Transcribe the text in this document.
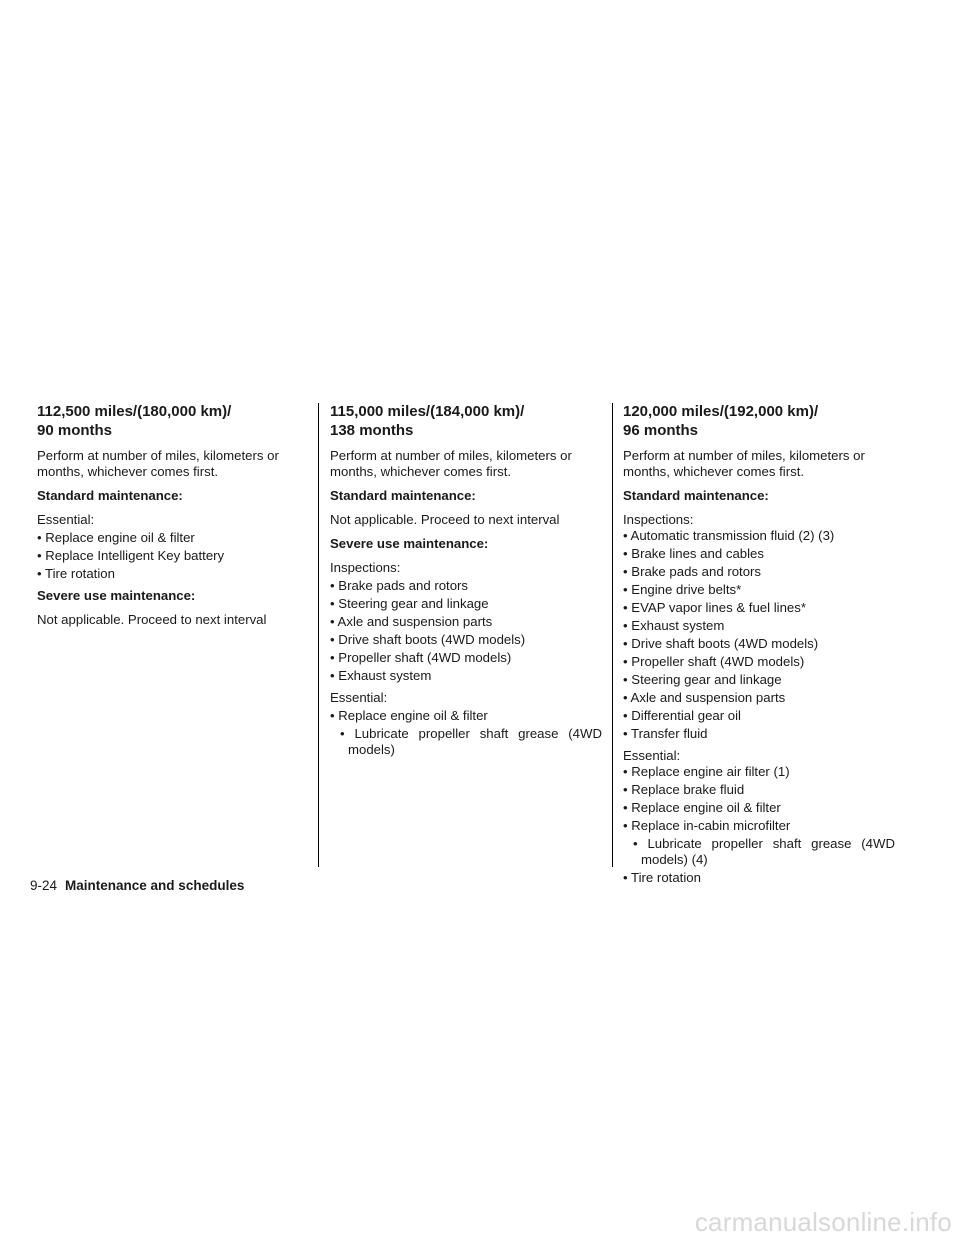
112,500 miles/(180,000 km)/
90 months

Perform at number of miles, kilometers or
months, whichever comes first.

Standard maintenance:

Essential:

• Replace engine oil & filter
• Replace Intelligent Key battery
• Tire rotation

Severe use maintenance:

Not applicable. Proceed to next interval

115,000 miles/(184,000 km)/
138 months

Perform at number of miles, kilometers or
months, whichever comes first.

Standard maintenance:

Not applicable. Proceed to next interval

Severe use maintenance:

Inspections:

• Brake pads and rotors
• Steering gear and linkage
• Axle and suspension parts
• Drive shaft boots (4WD models)
• Propeller shaft (4WD models)
• Exhaust system

Essential:

• Replace engine oil & filter
• Lubricate propeller shaft grease (4WD
models)
120,000 miles/(192,000 km)/
96 months

Perform at number of miles, kilometers or
months, whichever comes first.

Standard maintenance:

Inspections:

• Automatic transmission fluid (2) (3)
• Brake lines and cables
• Brake pads and rotors
• Engine drive belts*
• EVAP vapor lines & fuel lines*
• Exhaust system
• Drive shaft boots (4WD models)
• Propeller shaft (4WD models)
• Steering gear and linkage
• Axle and suspension parts
• Differential gear oil
• Transfer fluid

Essential:

• Replace engine air filter (1)
• Replace brake fluid
• Replace engine oil & filter
• Replace in-cabin microfilter
• Lubricate propeller shaft grease (4WD
models) (4)
• Tire rotation
9-24 Maintenance and schedules
carmanualsonline.info
